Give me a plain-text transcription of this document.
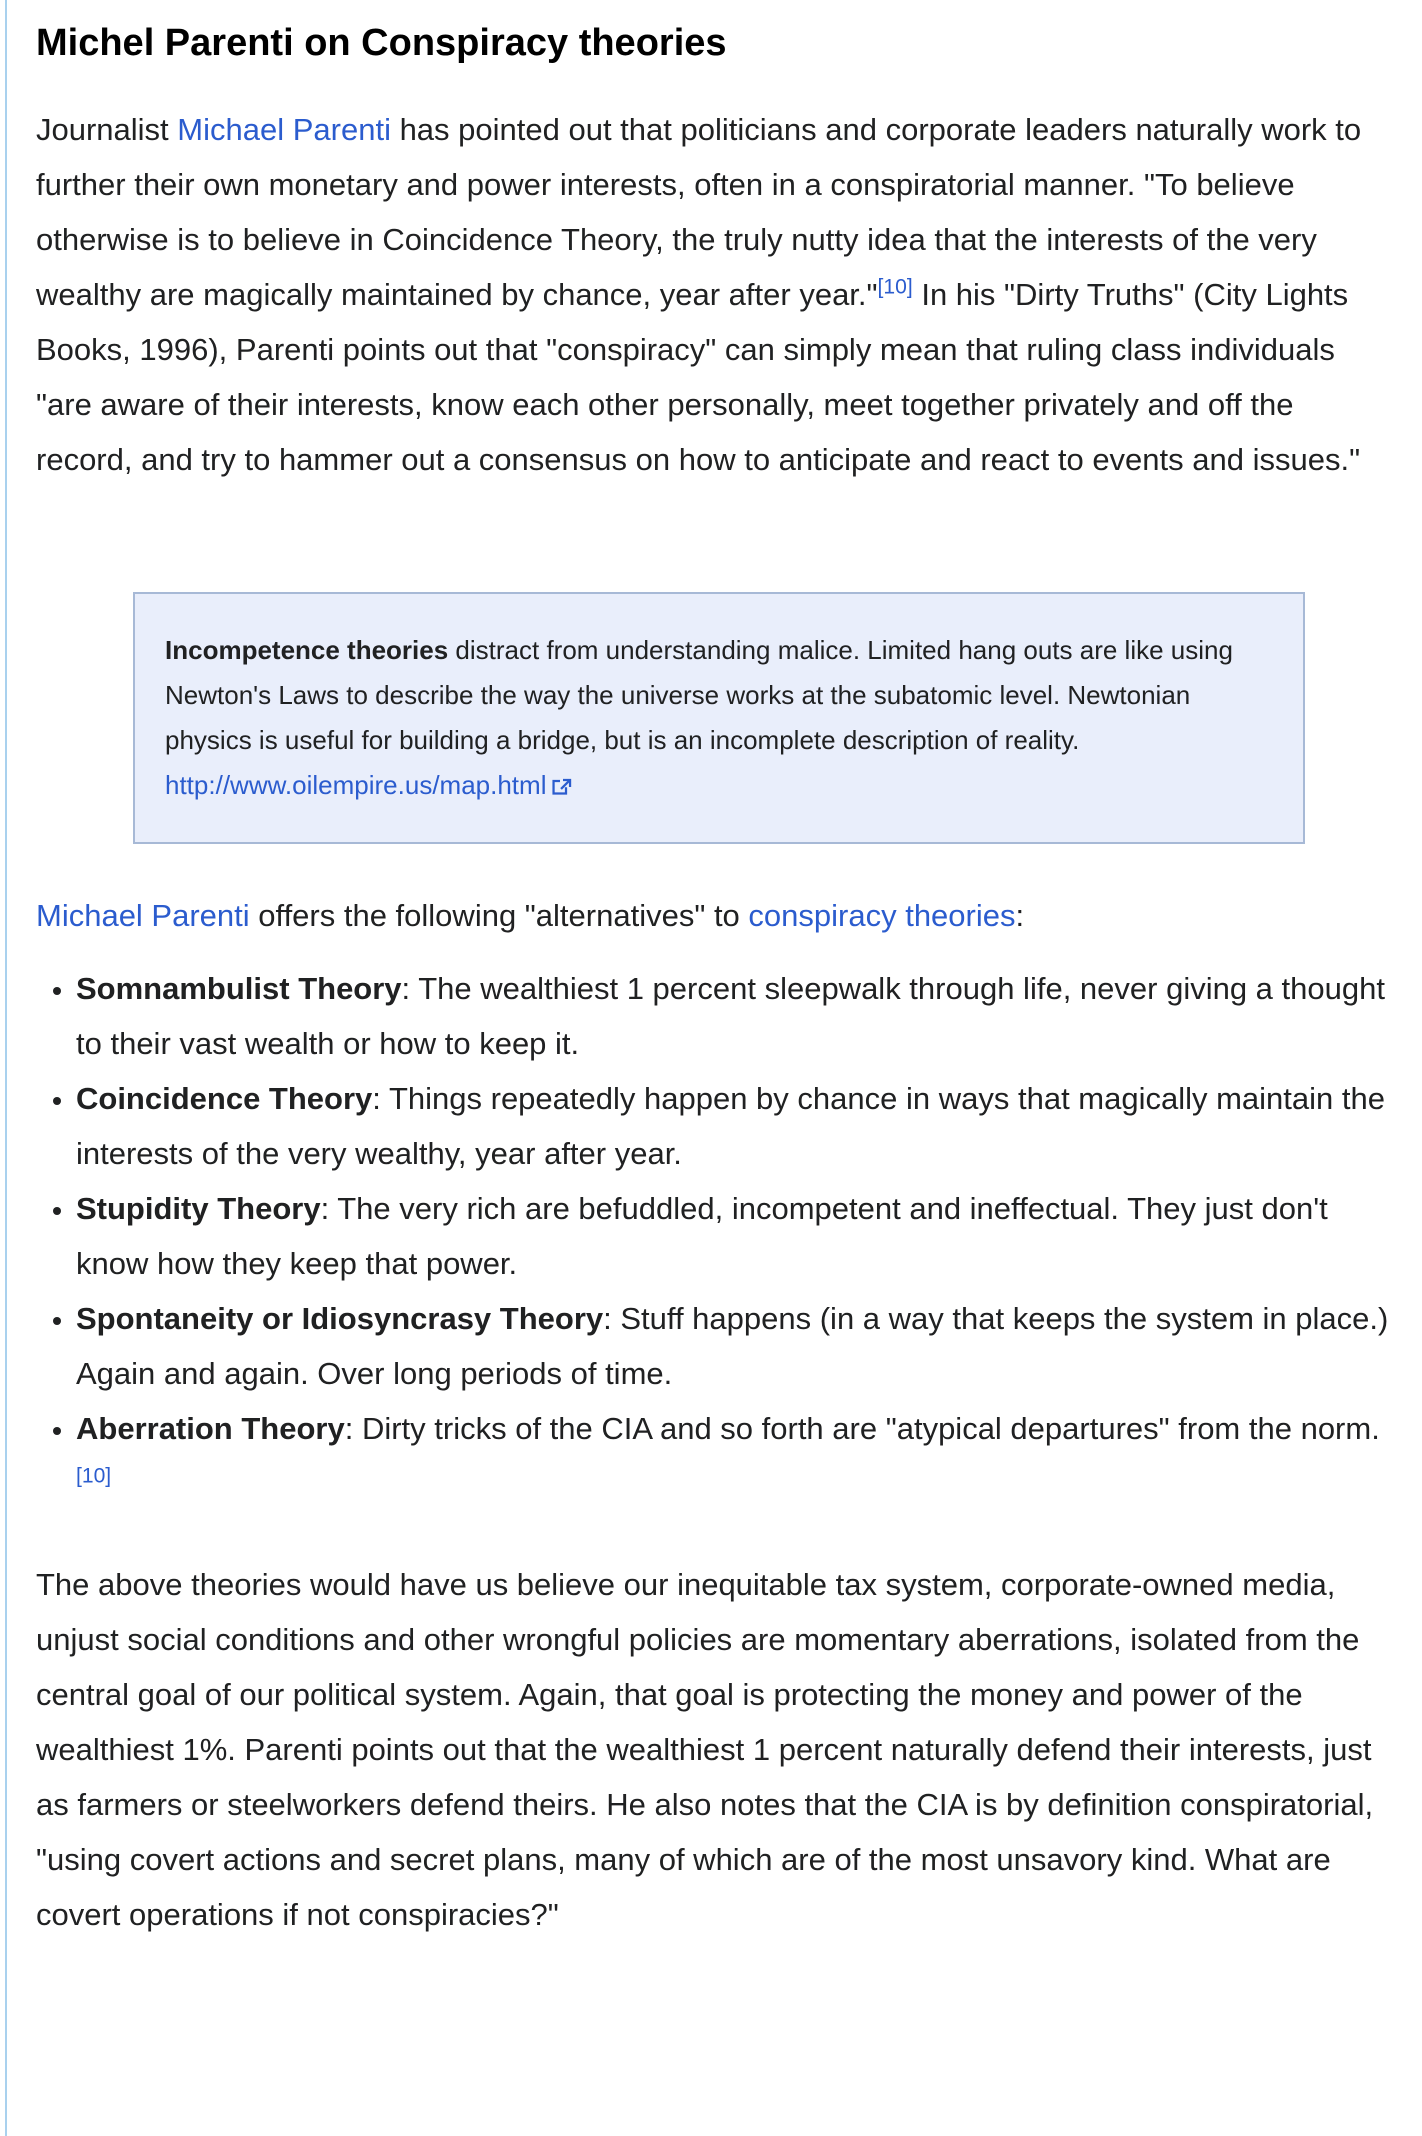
Michel Parenti on Conspiracy theories

Journalist Michael Parenti has pointed out that politicians and corporate leaders naturally work to further their own monetary and power interests, often in a conspiratorial manner. "To believe otherwise is to believe in Coincidence Theory, the truly nutty idea that the interests of the very wealthy are magically maintained by chance, year after year."[10] In his "Dirty Truths" (City Lights Books, 1996), Parenti points out that "conspiracy" can simply mean that ruling class individuals "are aware of their interests, know each other personally, meet together privately and off the record, and try to hammer out a consensus on how to anticipate and react to events and issues."

Incompetence theories distract from understanding malice. Limited hang outs are like using Newton's Laws to describe the way the universe works at the subatomic level. Newtonian physics is useful for building a bridge, but is an incomplete description of reality. http://www.oilempire.us/map.html

Michael Parenti offers the following "alternatives" to conspiracy theories:

• Somnambulist Theory: The wealthiest 1 percent sleepwalk through life, never giving a thought to their vast wealth or how to keep it.
• Coincidence Theory: Things repeatedly happen by chance in ways that magically maintain the interests of the very wealthy, year after year.
• Stupidity Theory: The very rich are befuddled, incompetent and ineffectual. They just don't know how they keep that power.
• Spontaneity or Idiosyncrasy Theory: Stuff happens (in a way that keeps the system in place.) Again and again. Over long periods of time.
• Aberration Theory: Dirty tricks of the CIA and so forth are "atypical departures" from the norm.[10]

The above theories would have us believe our inequitable tax system, corporate-owned media, unjust social conditions and other wrongful policies are momentary aberrations, isolated from the central goal of our political system. Again, that goal is protecting the money and power of the wealthiest 1%. Parenti points out that the wealthiest 1 percent naturally defend their interests, just as farmers or steelworkers defend theirs. He also notes that the CIA is by definition conspiratorial, "using covert actions and secret plans, many of which are of the most unsavory kind. What are covert operations if not conspiracies?"
